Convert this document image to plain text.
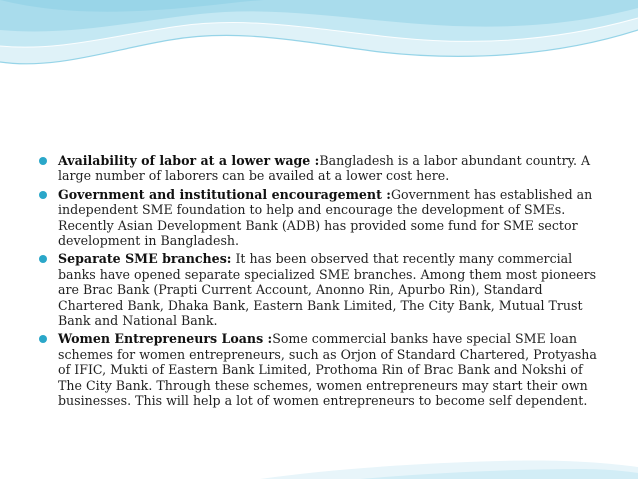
Availability of labor at a lower wage :Bangladesh is a labor abundant country. A large number of laborers can be availed at a lower cost here.
Government and institutional encouragement :Government has established an independent SME foundation to help and encourage the development of SMEs. Recently Asian Development Bank (ADB) has provided some fund for SME sector development in Bangladesh.
Separate SME branches: It has been observed that recently many commercial banks have opened separate specialized SME branches. Among them most pioneers are Brac Bank (Prapti Current Account, Anonno Rin, Apurbo Rin), Standard Chartered Bank, Dhaka Bank, Eastern Bank Limited, The City Bank, Mutual Trust Bank and National Bank.
Women Entrepreneurs Loans :Some commercial banks have special SME loan schemes for women entrepreneurs, such as Orjon of Standard Chartered, Protyasha of IFIC, Mukti of Eastern Bank Limited, Prothoma Rin of Brac Bank and Nokshi of The City Bank. Through these schemes, women entrepreneurs may start their own businesses. This will help a lot of women entrepreneurs to become self dependent.
